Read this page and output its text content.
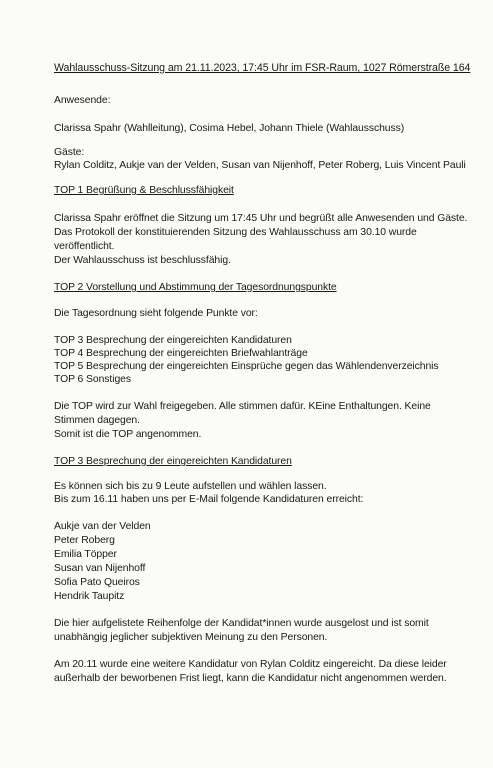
Wahlausschuss-Sitzung am 21.11.2023, 17:45 Uhr im FSR-Raum, 1027 Römerstraße 164
Anwesende:
Clarissa Spahr (Wahlleitung), Cosima Hebel, Johann Thiele (Wahlausschuss)
Gäste:
Rylan Colditz, Aukje van der Velden, Susan van Nijenhoff, Peter Roberg, Luis Vincent Pauli
TOP 1 Begrüßung & Beschlussfähigkeit
Clarissa Spahr eröffnet die Sitzung um 17:45 Uhr und begrüßt alle Anwesenden und Gäste.
Das Protokoll der konstituierenden Sitzung des Wahlausschuss am 30.10 wurde
veröffentlicht.
Der Wahlausschuss ist beschlussfähig.
TOP 2 Vorstellung und Abstimmung der Tagesordnungspunkte
Die Tagesordnung sieht folgende Punkte vor:
TOP 3 Besprechung der eingereichten Kandidaturen
TOP 4 Besprechung der eingereichten Briefwahlanträge
TOP 5 Besprechung der eingereichten Einsprüche gegen das Wählendenverzeichnis
TOP 6 Sonstiges
Die TOP wird zur Wahl freigegeben. Alle stimmen dafür. KEine Enthaltungen. Keine
Stimmen dagegen.
Somit ist die TOP angenommen.
TOP 3 Besprechung der eingereichten Kandidaturen
Es können sich bis zu 9 Leute aufstellen und wählen lassen.
Bis zum 16.11 haben uns per E-Mail folgende Kandidaturen erreicht:
Aukje van der Velden
Peter Roberg
Emilia Töpper
Susan van Nijenhoff
Sofia Pato Queiros
Hendrik Taupitz
Die hier aufgelistete Reihenfolge der Kandidat*innen wurde ausgelost und ist somit
unabhängig jeglicher subjektiven Meinung zu den Personen.
Am 20.11 wurde eine weitere Kandidatur von Rylan Colditz eingereicht. Da diese leider
außerhalb der beworbenen Frist liegt, kann die Kandidatur nicht angenommen werden.
